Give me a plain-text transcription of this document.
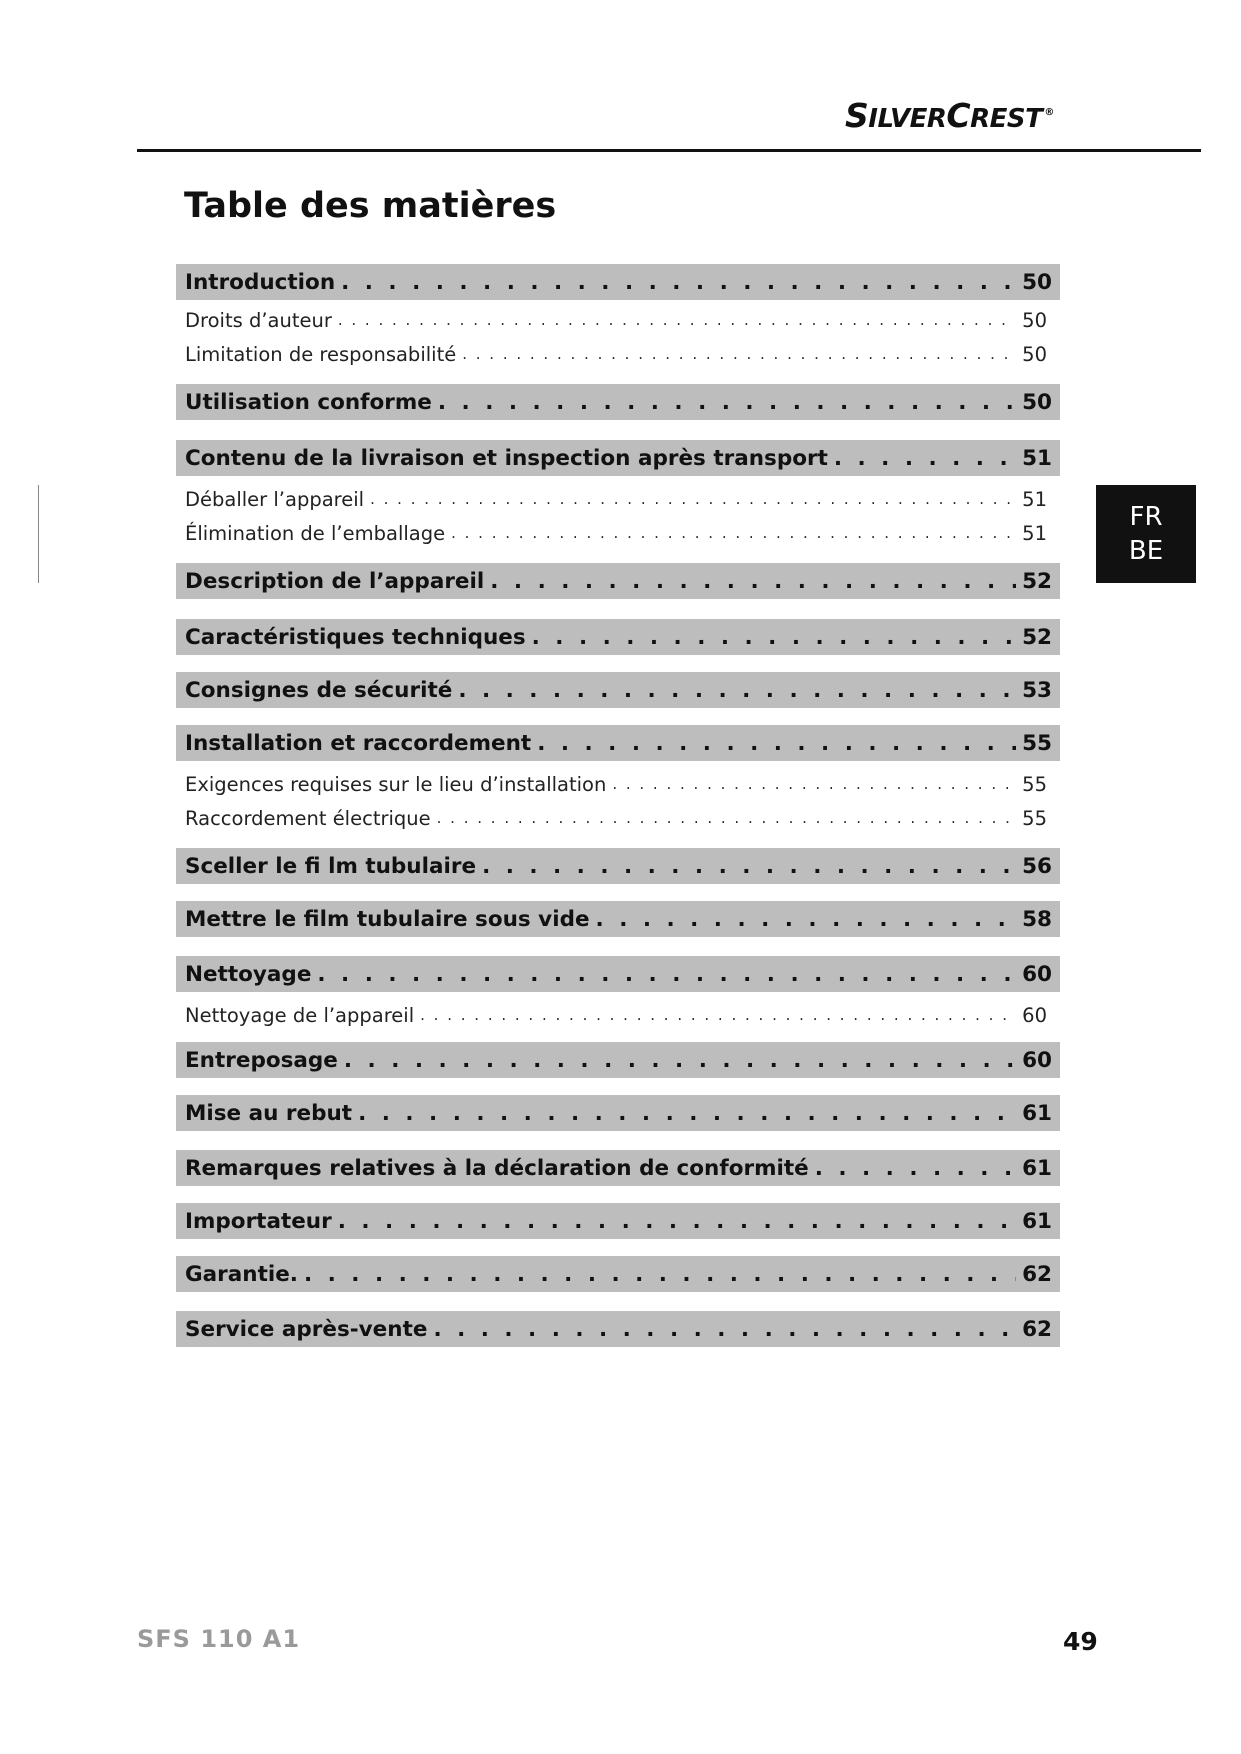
SILVERCREST ®
Table des matières
Introduction . . .	50
Droits d’auteur . . .	50
Limitation de responsabilité . . .	50
Utilisation conforme . . .	50
Contenu de la livraison et inspection après transport . . .	51
Déballer l’appareil . . .	51
Élimination de l’emballage . . .	51
Description de l’appareil . . .	52
Caractéristiques techniques . . .	52
Consignes de sécurité . . .	53
Installation et raccordement . . .	55
Exigences requises sur le lieu d’installation . . .	55
Raccordement électrique . . .	55
Sceller le fi lm tubulaire . . .	56
Mettre le film tubulaire sous vide . . .	58
Nettoyage . . .	60
Nettoyage de l’appareil . . .	60
Entreposage . . .	60
Mise au rebut . . .	61
Remarques relatives à la déclaration de conformité . . .	61
Importateur . . .	61
Garantie. . . .	62
Service après-vente . . .	62
FR
BE
SFS 110 A1	49
